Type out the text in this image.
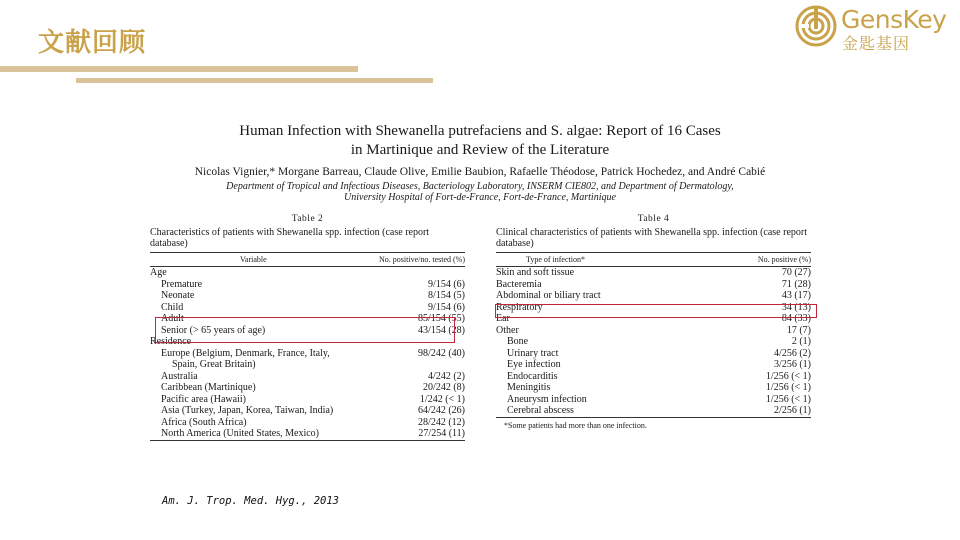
文献回顾
GensKey
金匙基因
Human Infection with Shewanella putrefaciens and S. algae: Report of 16 Cases
in Martinique and Review of the Literature
Nicolas Vignier,* Morgane Barreau, Claude Olive, Emilie Baubion, Rafaelle Théodose, Patrick Hochedez, and André Cabié
Department of Tropical and Infectious Diseases, Bacteriology Laboratory, INSERM CIE802, and Department of Dermatology,
University Hospital of Fort-de-France, Fort-de-France, Martinique
Table 2
Characteristics of patients with Shewanella spp. infection (case report database)
Variable	No. positive/no. tested (%)
Age
Premature	9/154 (6)
Neonate	8/154 (5)
Child	9/154 (6)
Adult	85/154 (55)
Senior (> 65 years of age)	43/154 (28)
Residence
Europe (Belgium, Denmark, France, Italy,	98/242 (40)
Spain, Great Britain)
Australia	4/242 (2)
Caribbean (Martinique)	20/242 (8)
Pacific area (Hawaii)	1/242 (< 1)
Asia (Turkey, Japan, Korea, Taiwan, India)	64/242 (26)
Africa (South Africa)	28/242 (12)
North America (United States, Mexico)	27/254 (11)
Table 4
Clinical characteristics of patients with Shewanella spp. infection (case report database)
Type of infection*	No. positive (%)
Skin and soft tissue	70 (27)
Bacteremia	71 (28)
Abdominal or biliary tract	43 (17)
Respiratory	34 (13)
Ear	84 (33)
Other	17 (7)
Bone	2 (1)
Urinary tract	4/256 (2)
Eye infection	3/256 (1)
Endocarditis	1/256 (< 1)
Meningitis	1/256 (< 1)
Aneurysm infection	1/256 (< 1)
Cerebral abscess	2/256 (1)
*Some patients had more than one infection.
Am. J. Trop. Med. Hyg., 2013
